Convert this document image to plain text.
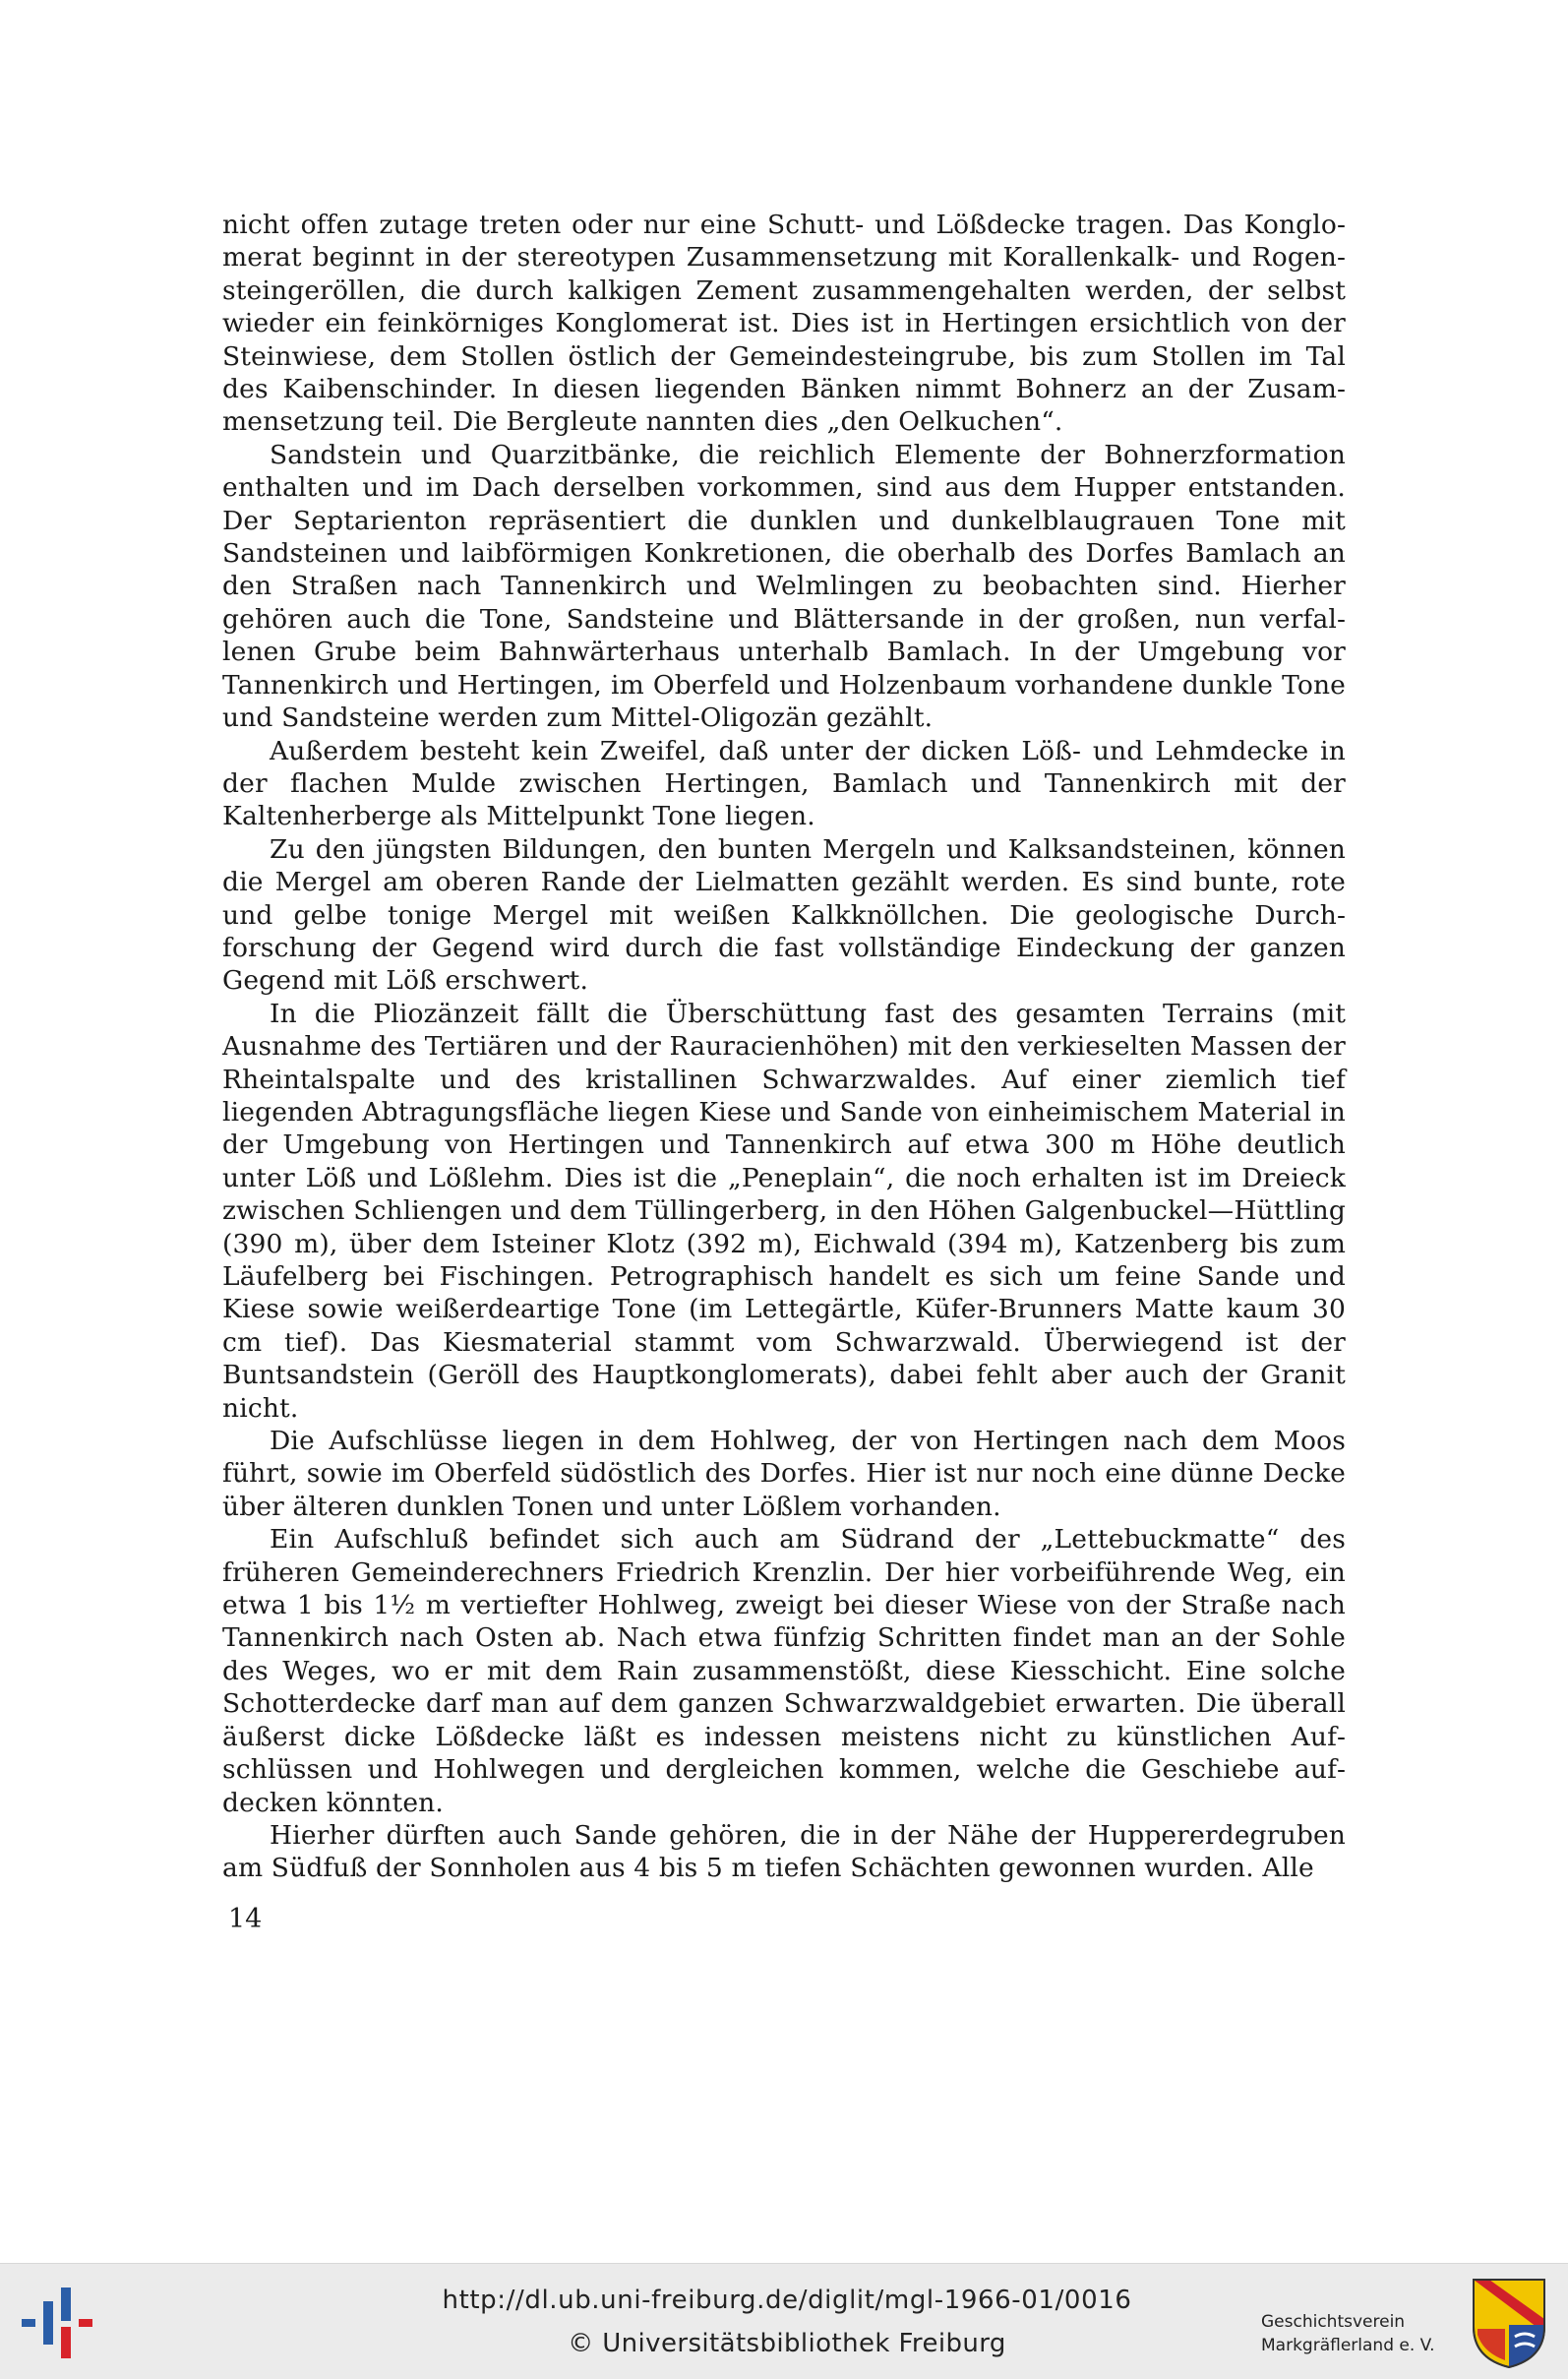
nicht offen zutage treten oder nur eine Schutt- und Lößdecke tragen. Das Konglomerat beginnt in der stereotypen Zusammensetzung mit Korallenkalk- und Rogensteingeröllen, die durch kalkigen Zement zusammengehalten werden, der selbst wieder ein feinkörniges Konglomerat ist. Dies ist in Hertingen ersichtlich von der Steinwiese, dem Stollen östlich der Gemeindesteingrube, bis zum Stollen im Tal des Kaibenschinder. In diesen liegenden Bänken nimmt Bohnerz an der Zusammensetzung teil. Die Bergleute nannten dies „den Oelkuchen“.

Sandstein und Quarzitbänke, die reichlich Elemente der Bohnerzformation enthalten und im Dach derselben vorkommen, sind aus dem Hupper entstanden. Der Septarienton repräsentiert die dunklen und dunkelblaugrauen Tone mit Sandsteinen und laibförmigen Konkretionen, die oberhalb des Dorfes Bamlach an den Straßen nach Tannenkirch und Welmlingen zu beobachten sind. Hierher gehören auch die Tone, Sandsteine und Blättersande in der großen, nun verfallenen Grube beim Bahnwärterhaus unterhalb Bamlach. In der Umgebung vor Tannenkirch und Hertingen, im Oberfeld und Holzenbaum vorhandene dunkle Tone und Sandsteine werden zum Mittel-Oligozän gezählt.

Außerdem besteht kein Zweifel, daß unter der dicken Löß- und Lehmdecke in der flachen Mulde zwischen Hertingen, Bamlach und Tannenkirch mit der Kaltenherberge als Mittelpunkt Tone liegen.

Zu den jüngsten Bildungen, den bunten Mergeln und Kalksandsteinen, können die Mergel am oberen Rande der Lielmatten gezählt werden. Es sind bunte, rote und gelbe tonige Mergel mit weißen Kalkknöllchen. Die geologische Durchforschung der Gegend wird durch die fast vollständige Eindeckung der ganzen Gegend mit Löß erschwert.

In die Pliozänzeit fällt die Überschüttung fast des gesamten Terrains (mit Ausnahme des Tertiären und der Rauracienhöhen) mit den verkieselten Massen der Rheintalspalte und des kristallinen Schwarzwaldes. Auf einer ziemlich tief liegenden Abtragungsfläche liegen Kiese und Sande von einheimischem Material in der Umgebung von Hertingen und Tannenkirch auf etwa 300 m Höhe deutlich unter Löß und Lößlehm. Dies ist die „Peneplain“, die noch erhalten ist im Dreieck zwischen Schliengen und dem Tüllingerberg, in den Höhen Galgenbuckel—Hüttling (390 m), über dem Isteiner Klotz (392 m), Eichwald (394 m), Katzenberg bis zum Läufelberg bei Fischingen. Petrographisch handelt es sich um feine Sande und Kiese sowie weißerdeartige Tone (im Lettegärtle, Küfer-Brunners Matte kaum 30 cm tief). Das Kiesmaterial stammt vom Schwarzwald. Überwiegend ist der Buntsandstein (Geröll des Hauptkonglomerats), dabei fehlt aber auch der Granit nicht.

Die Aufschlüsse liegen in dem Hohlweg, der von Hertingen nach dem Moos führt, sowie im Oberfeld südöstlich des Dorfes. Hier ist nur noch eine dünne Decke über älteren dunklen Tonen und unter Lößlem vorhanden.

Ein Aufschluß befindet sich auch am Südrand der „Lettebuckmatte“ des früheren Gemeinderechners Friedrich Krenzlin. Der hier vorbeiführende Weg, ein etwa 1 bis 1½ m vertiefter Hohlweg, zweigt bei dieser Wiese von der Straße nach Tannenkirch nach Osten ab. Nach etwa fünfzig Schritten findet man an der Sohle des Weges, wo er mit dem Rain zusammenstößt, diese Kiesschicht. Eine solche Schotterdecke darf man auf dem ganzen Schwarzwaldgebiet erwarten. Die überall äußerst dicke Lößdecke läßt es indessen meistens nicht zu künstlichen Aufschlüssen und Hohlwegen und dergleichen kommen, welche die Geschiebe aufdecken könnten.

Hierher dürften auch Sande gehören, die in der Nähe der Huppererdegruben am Südfuß der Sonnholen aus 4 bis 5 m tiefen Schächten gewonnen wurden. Alle

14
http://dl.ub.uni-freiburg.de/diglit/mgl-1966-01/0016
© Universitätsbibliothek Freiburg
Geschichtsverein
Markgräflerland e. V.
